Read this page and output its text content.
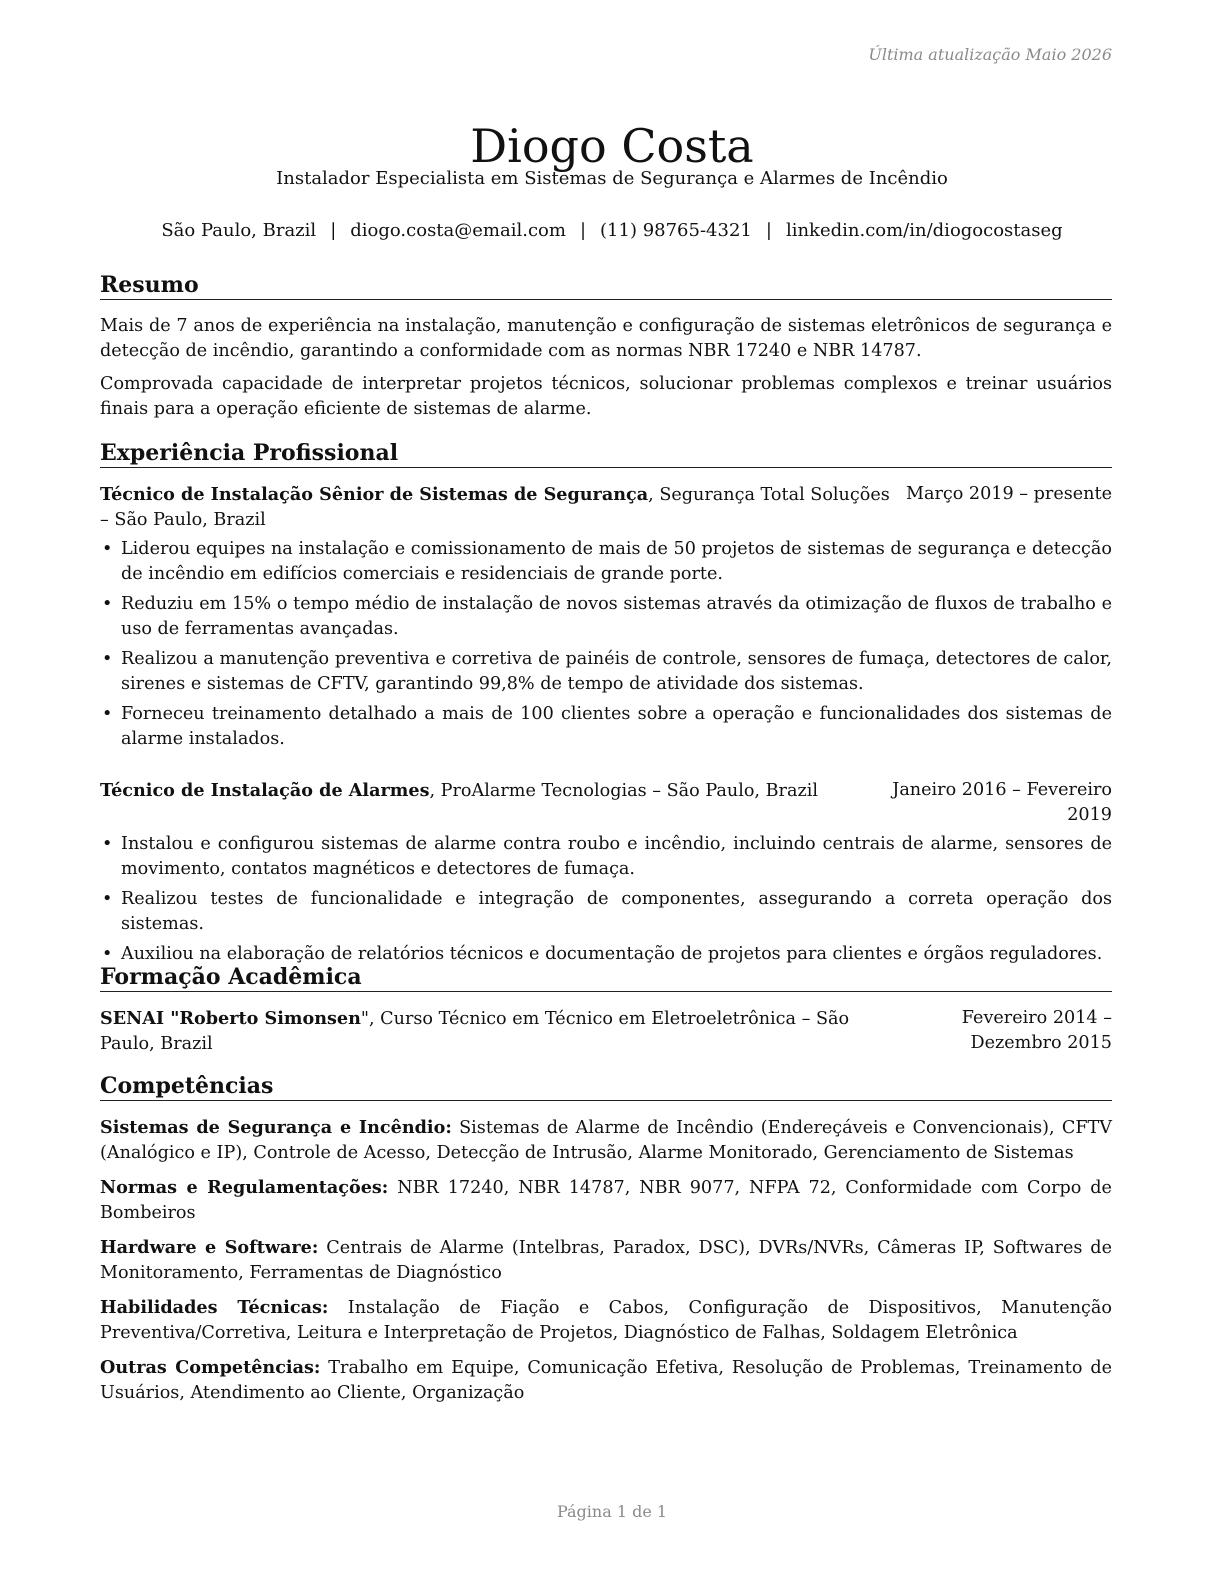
Última atualização Maio 2026
Diogo Costa
Instalador Especialista em Sistemas de Segurança e Alarmes de Incêndio
São Paulo, Brazil | diogo.costa@email.com | (11) 98765-4321 | linkedin.com/in/diogocostaseg
Resumo

Mais de 7 anos de experiência na instalação, manutenção e configuração de sistemas eletrônicos de segurança e detecção de incêndio, garantindo a conformidade com as normas NBR 17240 e NBR 14787.

Comprovada capacidade de interpretar projetos técnicos, solucionar problemas complexos e treinar usuários finais para a operação eficiente de sistemas de alarme.

Experiência Profissional
Técnico de Instalação Sênior de Sistemas de Segurança, Segurança Total Soluções – São Paulo, Brazil
Março 2019 – presente
• Liderou equipes na instalação e comissionamento de mais de 50 projetos de sistemas de segurança e detecção de incêndio em edifícios comerciais e residenciais de grande porte.
• Reduziu em 15% o tempo médio de instalação de novos sistemas através da otimização de fluxos de trabalho e uso de ferramentas avançadas.
• Realizou a manutenção preventiva e corretiva de painéis de controle, sensores de fumaça, detectores de calor, sirenes e sistemas de CFTV, garantindo 99,8% de tempo de atividade dos sistemas.
• Forneceu treinamento detalhado a mais de 100 clientes sobre a operação e funcionalidades dos sistemas de alarme instalados.
Técnico de Instalação de Alarmes, ProAlarme Tecnologias – São Paulo, Brazil	Janeiro 2016 – Fevereiro 2019
• Instalou e configurou sistemas de alarme contra roubo e incêndio, incluindo centrais de alarme, sensores de movimento, contatos magnéticos e detectores de fumaça.
• Realizou testes de funcionalidade e integração de componentes, assegurando a correta operação dos sistemas.
• Auxiliou na elaboração de relatórios técnicos e documentação de projetos para clientes e órgãos reguladores.
Formação Acadêmica
SENAI "Roberto Simonsen", Curso Técnico em Técnico em Eletroeletrônica – São Paulo, Brazil
Fevereiro 2014 – Dezembro 2015
Competências

Sistemas de Segurança e Incêndio: Sistemas de Alarme de Incêndio (Endereçáveis e Convencionais), CFTV (Analógico e IP), Controle de Acesso, Detecção de Intrusão, Alarme Monitorado, Gerenciamento de Sistemas

Normas e Regulamentações: NBR 17240, NBR 14787, NBR 9077, NFPA 72, Conformidade com Corpo de Bombeiros

Hardware e Software: Centrais de Alarme (Intelbras, Paradox, DSC), DVRs/NVRs, Câmeras IP, Softwares de Monitoramento, Ferramentas de Diagnóstico

Habilidades Técnicas: Instalação de Fiação e Cabos, Configuração de Dispositivos, Manutenção Preventiva/Corretiva, Leitura e Interpretação de Projetos, Diagnóstico de Falhas, Soldagem Eletrônica

Outras Competências: Trabalho em Equipe, Comunicação Efetiva, Resolução de Problemas, Treinamento de Usuários, Atendimento ao Cliente, Organização

Página 1 de 1
